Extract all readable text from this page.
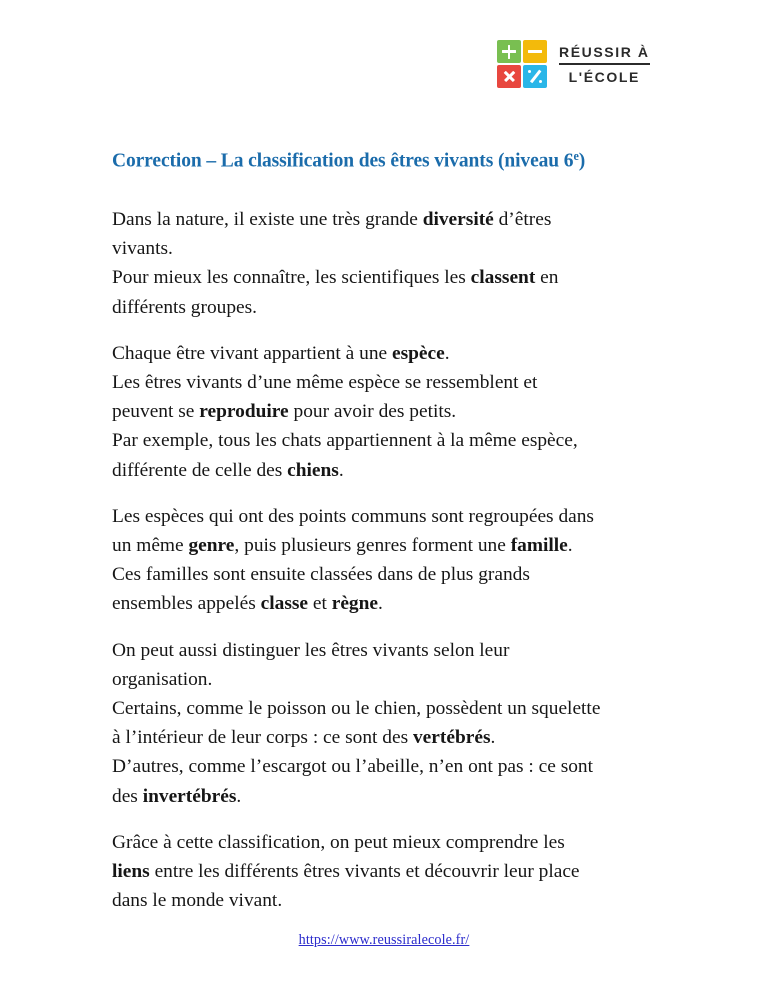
RÉUSSIR À
L'ÉCOLE
Correction – La classification des êtres vivants (niveau 6e)

Dans la nature, il existe une très grande diversité d’êtres
vivants.
Pour mieux les connaître, les scientifiques les classent en
différents groupes.

Chaque être vivant appartient à une espèce.
Les êtres vivants d’une même espèce se ressemblent et
peuvent se reproduire pour avoir des petits.
Par exemple, tous les chats appartiennent à la même espèce,
différente de celle des chiens.

Les espèces qui ont des points communs sont regroupées dans
un même genre, puis plusieurs genres forment une famille.
Ces familles sont ensuite classées dans de plus grands
ensembles appelés classe et règne.

On peut aussi distinguer les êtres vivants selon leur
organisation.
Certains, comme le poisson ou le chien, possèdent un squelette
à l’intérieur de leur corps : ce sont des vertébrés.
D’autres, comme l’escargot ou l’abeille, n’en ont pas : ce sont
des invertébrés.

Grâce à cette classification, on peut mieux comprendre les
liens entre les différents êtres vivants et découvrir leur place
dans le monde vivant.

https://www.reussiralecole.fr/
